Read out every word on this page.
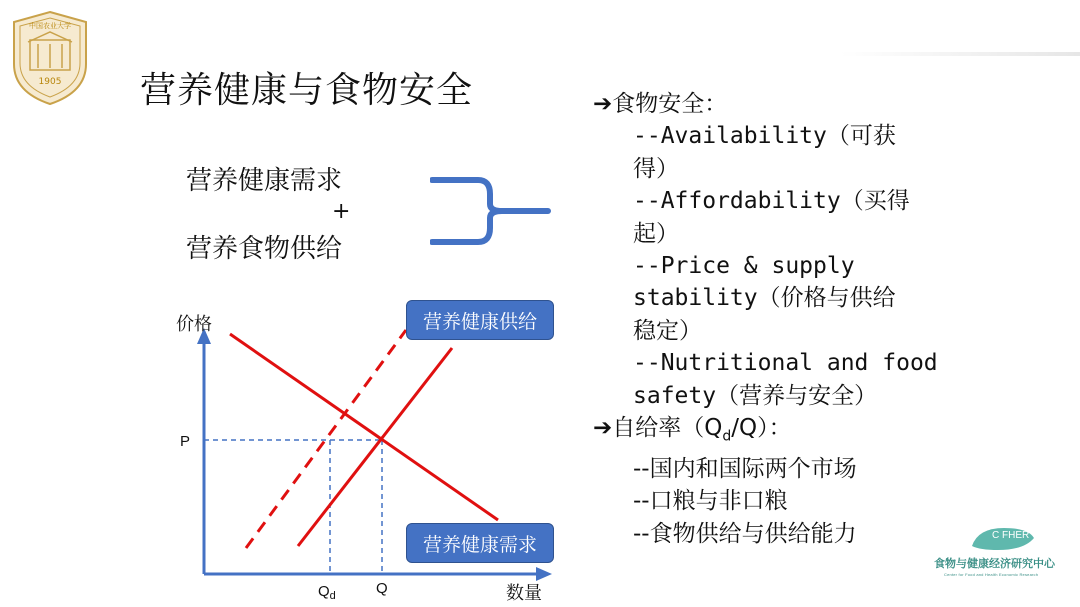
中国农业大学
1905 营养健康与食物安全
营养健康需求
+
营养食物供给
价格
P
$Q_d$	Q	数量
营养健康供给
营养健康需求
➔食物安全：
--Availability（可获
得）
--Affordability（买得
起）
--Price & supply
stability（价格与供给
稳定）
--Nutritional and food
safety（营养与安全）
➔自给率$(Q_d/Q)$：
--国内和国际两个市场
--口粮与非口粮
--食物供给与供给能力	C FHER
食物与健康经济研究中心
Center for Food and Health Economic Research
